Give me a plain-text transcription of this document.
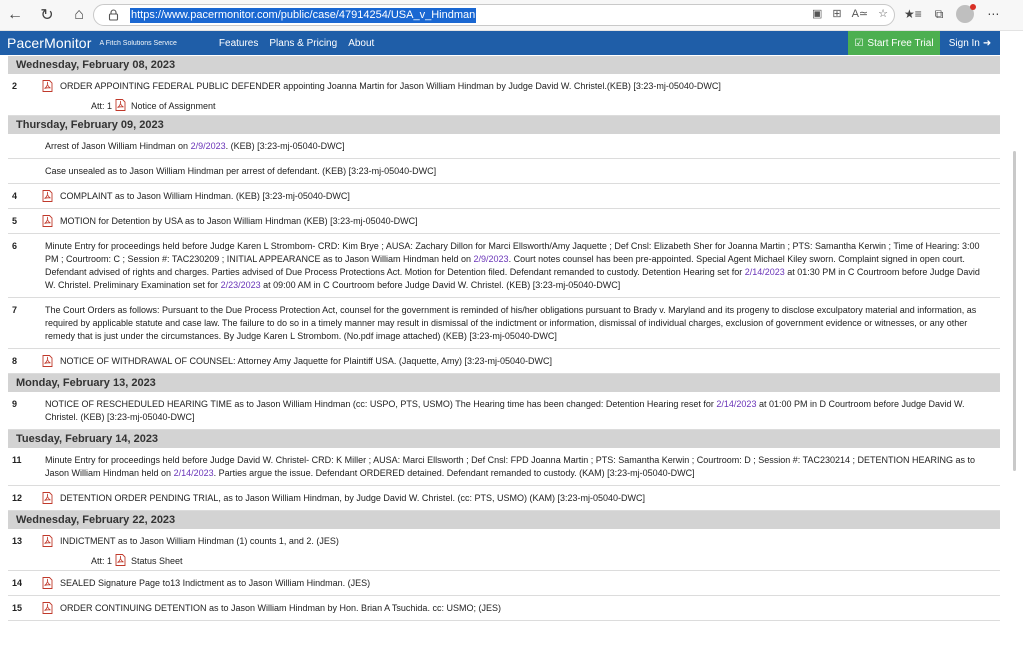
← ↻	⌂	https://www.pacermonitor.com/public/case/47914254/USA_v_Hindman	▣ ⊞ A≃ ☆ ★≡ ⧉	⋯
PacerMonitor A Fitch Solutions Service	Features Plans & Pricing About	☑ Start Free Trial Sign In ➜
Wednesday, February 08, 2023
2	ORDER APPOINTING FEDERAL PUBLIC DEFENDER appointing Joanna Martin for Jason William Hindman by Judge David W. Christel.(KEB) [3:23-mj-05040-DWC]
Att: 1 Notice of Assignment
Thursday, February 09, 2023
Arrest of Jason William Hindman on 2/9/2023. (KEB) [3:23-mj-05040-DWC]
Case unsealed as to Jason William Hindman per arrest of defendant. (KEB) [3:23-mj-05040-DWC]
4	COMPLAINT as to Jason William Hindman. (KEB) [3:23-mj-05040-DWC]
5	MOTION for Detention by USA as to Jason William Hindman (KEB) [3:23-mj-05040-DWC]
6	Minute Entry for proceedings held before Judge Karen L Strombom- CRD: Kim Brye ; AUSA: Zachary Dillon for Marci Ellsworth/Amy Jaquette ; Def Cnsl: Elizabeth Sher for Joanna Martin ; PTS: Samantha Kerwin ; Time of Hearing: 3:00 PM ; Courtroom: C ; Session #: TAC230209 ; INITIAL APPEARANCE as to Jason William Hindman held on 2/9/2023. Court notes counsel has been pre-appointed. Special Agent Michael Kiley sworn. Complaint signed in open court. Defendant advised of rights and charges. Parties advised of Due Process Protections Act. Motion for Detention filed. Defendant remanded to custody. Detention Hearing set for 2/14/2023 at 01:30 PM in C Courtroom before Judge David W. Christel. Preliminary Examination set for 2/23/2023 at 09:00 AM in C Courtroom before Judge David W. Christel. (KEB) [3:23-mj-05040-DWC]
7	The Court Orders as follows: Pursuant to the Due Process Protection Act, counsel for the government is reminded of his/her obligations pursuant to Brady v. Maryland and its progeny to disclose exculpatory material and information, as required by applicable statute and case law. The failure to do so in a timely manner may result in dismissal of the indictment or information, dismissal of individual charges, exclusion of government evidence or witnesses, or any other remedy that is just under the circumstances. By Judge Karen L Strombom. (No.pdf image attached) (KEB) [3:23-mj-05040-DWC]
8	NOTICE OF WITHDRAWAL OF COUNSEL: Attorney Amy Jaquette for Plaintiff USA. (Jaquette, Amy) [3:23-mj-05040-DWC]
Monday, February 13, 2023
9	NOTICE OF RESCHEDULED HEARING TIME as to Jason William Hindman (cc: USPO, PTS, USMO) The Hearing time has been changed: Detention Hearing reset for 2/14/2023 at 01:00 PM in D Courtroom before Judge David W. Christel. (KEB) [3:23-mj-05040-DWC]
Tuesday, February 14, 2023
11	Minute Entry for proceedings held before Judge David W. Christel- CRD: K Miller ; AUSA: Marci Ellsworth ; Def Cnsl: FPD Joanna Martin ; PTS: Samantha Kerwin ; Courtroom: D ; Session #: TAC230214 ; DETENTION HEARING as to Jason William Hindman held on 2/14/2023. Parties argue the issue. Defendant ORDERED detained. Defendant remanded to custody. (KAM) [3:23-mj-05040-DWC]
12	DETENTION ORDER PENDING TRIAL, as to Jason William Hindman, by Judge David W. Christel. (cc: PTS, USMO) (KAM) [3:23-mj-05040-DWC]
Wednesday, February 22, 2023
13	INDICTMENT as to Jason William Hindman (1) counts 1, and 2. (JES)
Att: 1 Status Sheet
14	SEALED Signature Page to13 Indictment as to Jason William Hindman. (JES)
15	ORDER CONTINUING DETENTION as to Jason William Hindman by Hon. Brian A Tsuchida. cc: USMO; (JES)
